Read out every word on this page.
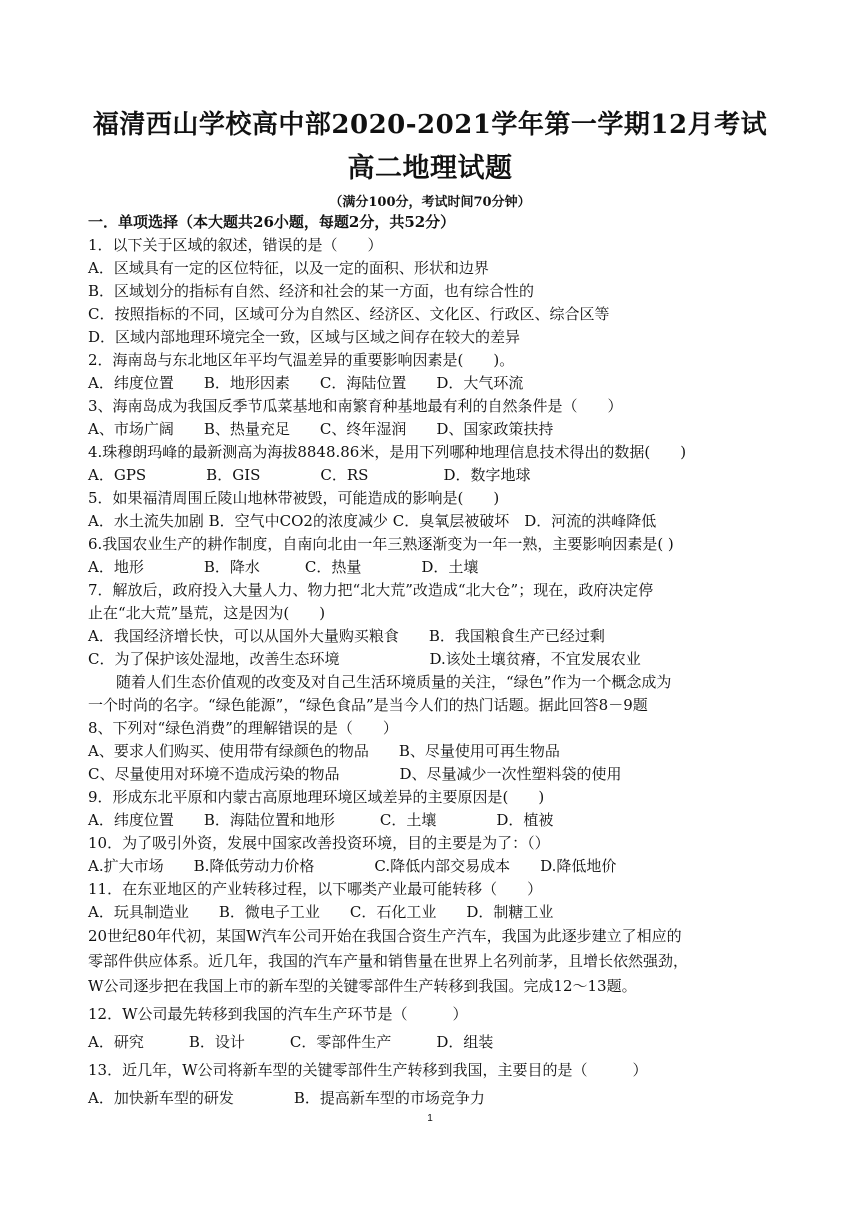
福清西山学校高中部2020-2021学年第一学期12月考试
高二地理试题
（满分100分，考试时间70分钟）
一．单项选择（本大题共26小题，每题2分，共52分）
1．以下关于区域的叙述，错误的是（　　）
A．区域具有一定的区位特征，以及一定的面积、形状和边界
B．区域划分的指标有自然、经济和社会的某一方面，也有综合性的
C．按照指标的不同，区域可分为自然区、经济区、文化区、行政区、综合区等
D．区域内部地理环境完全一致，区域与区域之间存在较大的差异
2．海南岛与东北地区年平均气温差异的重要影响因素是(　　)。
A．纬度位置　　B．地形因素　　C．海陆位置　　D．大气环流
3、海南岛成为我国反季节瓜菜基地和南繁育种基地最有利的自然条件是（　　）
A、市场广阔　　B、热量充足　　C、终年湿润　　D、国家政策扶持
4.珠穆朗玛峰的最新测高为海拔8848.86米，是用下列哪种地理信息技术得出的数据(　　)
A．GPS　　　　B．GIS　　　　C．RS　　　　　D．数字地球
5．如果福清周围丘陵山地林带被毁，可能造成的影响是(　　)
A．水土流失加剧 B．空气中CO2的浓度减少 C．臭氧层被破坏　D．河流的洪峰降低
6.我国农业生产的耕作制度，自南向北由一年三熟逐渐变为一年一熟，主要影响因素是( )
A．地形　　　　B．降水　　　C．热量　　　　D．土壤
7．解放后，政府投入大量人力、物力把“北大荒”改造成“北大仓”；现在，政府决定停
止在“北大荒”垦荒，这是因为(　　)
A．我国经济增长快，可以从国外大量购买粮食　　B．我国粮食生产已经过剩
C．为了保护该处湿地，改善生态环境　　　　　　D.该处土壤贫瘠，不宜发展农业
随着人们生态价值观的改变及对自己生活环境质量的关注，“绿色”作为一个概念成为
一个时尚的名字。“绿色能源”，“绿色食品”是当今人们的热门话题。据此回答8－9题
8、下列对“绿色消费”的理解错误的是（　　）
A、要求人们购买、使用带有绿颜色的物品　　B、尽量使用可再生物品
C、尽量使用对环境不造成污染的物品　　　　D、尽量减少一次性塑料袋的使用
9．形成东北平原和内蒙古高原地理环境区域差异的主要原因是(　　)
A．纬度位置　　B．海陆位置和地形　　　C．土壤　　　　D．植被
10．为了吸引外资，发展中国家改善投资环境，目的主要是为了：（）
A.扩大市场　　B.降低劳动力价格　　　　C.降低内部交易成本　　D.降低地价
11．在东亚地区的产业转移过程，以下哪类产业最可能转移（　　）
A．玩具制造业　　B．微电子工业　　C．石化工业　　D．制糖工业
20世纪80年代初，某国W汽车公司开始在我国合资生产汽车，我国为此逐步建立了相应的
零部件供应体系。近几年，我国的汽车产量和销售量在世界上名列前茅，且增长依然强劲，
W公司逐步把在我国上市的新车型的关键零部件生产转移到我国。完成12～13题。
12．W公司最先转移到我国的汽车生产环节是（　　　）
A．研究　　　B．设计　　　C．零部件生产　　　D．组装
13．近几年，W公司将新车型的关键零部件生产转移到我国，主要目的是（　　　）
A．加快新车型的研发　　　　B．提高新车型的市场竞争力
1
